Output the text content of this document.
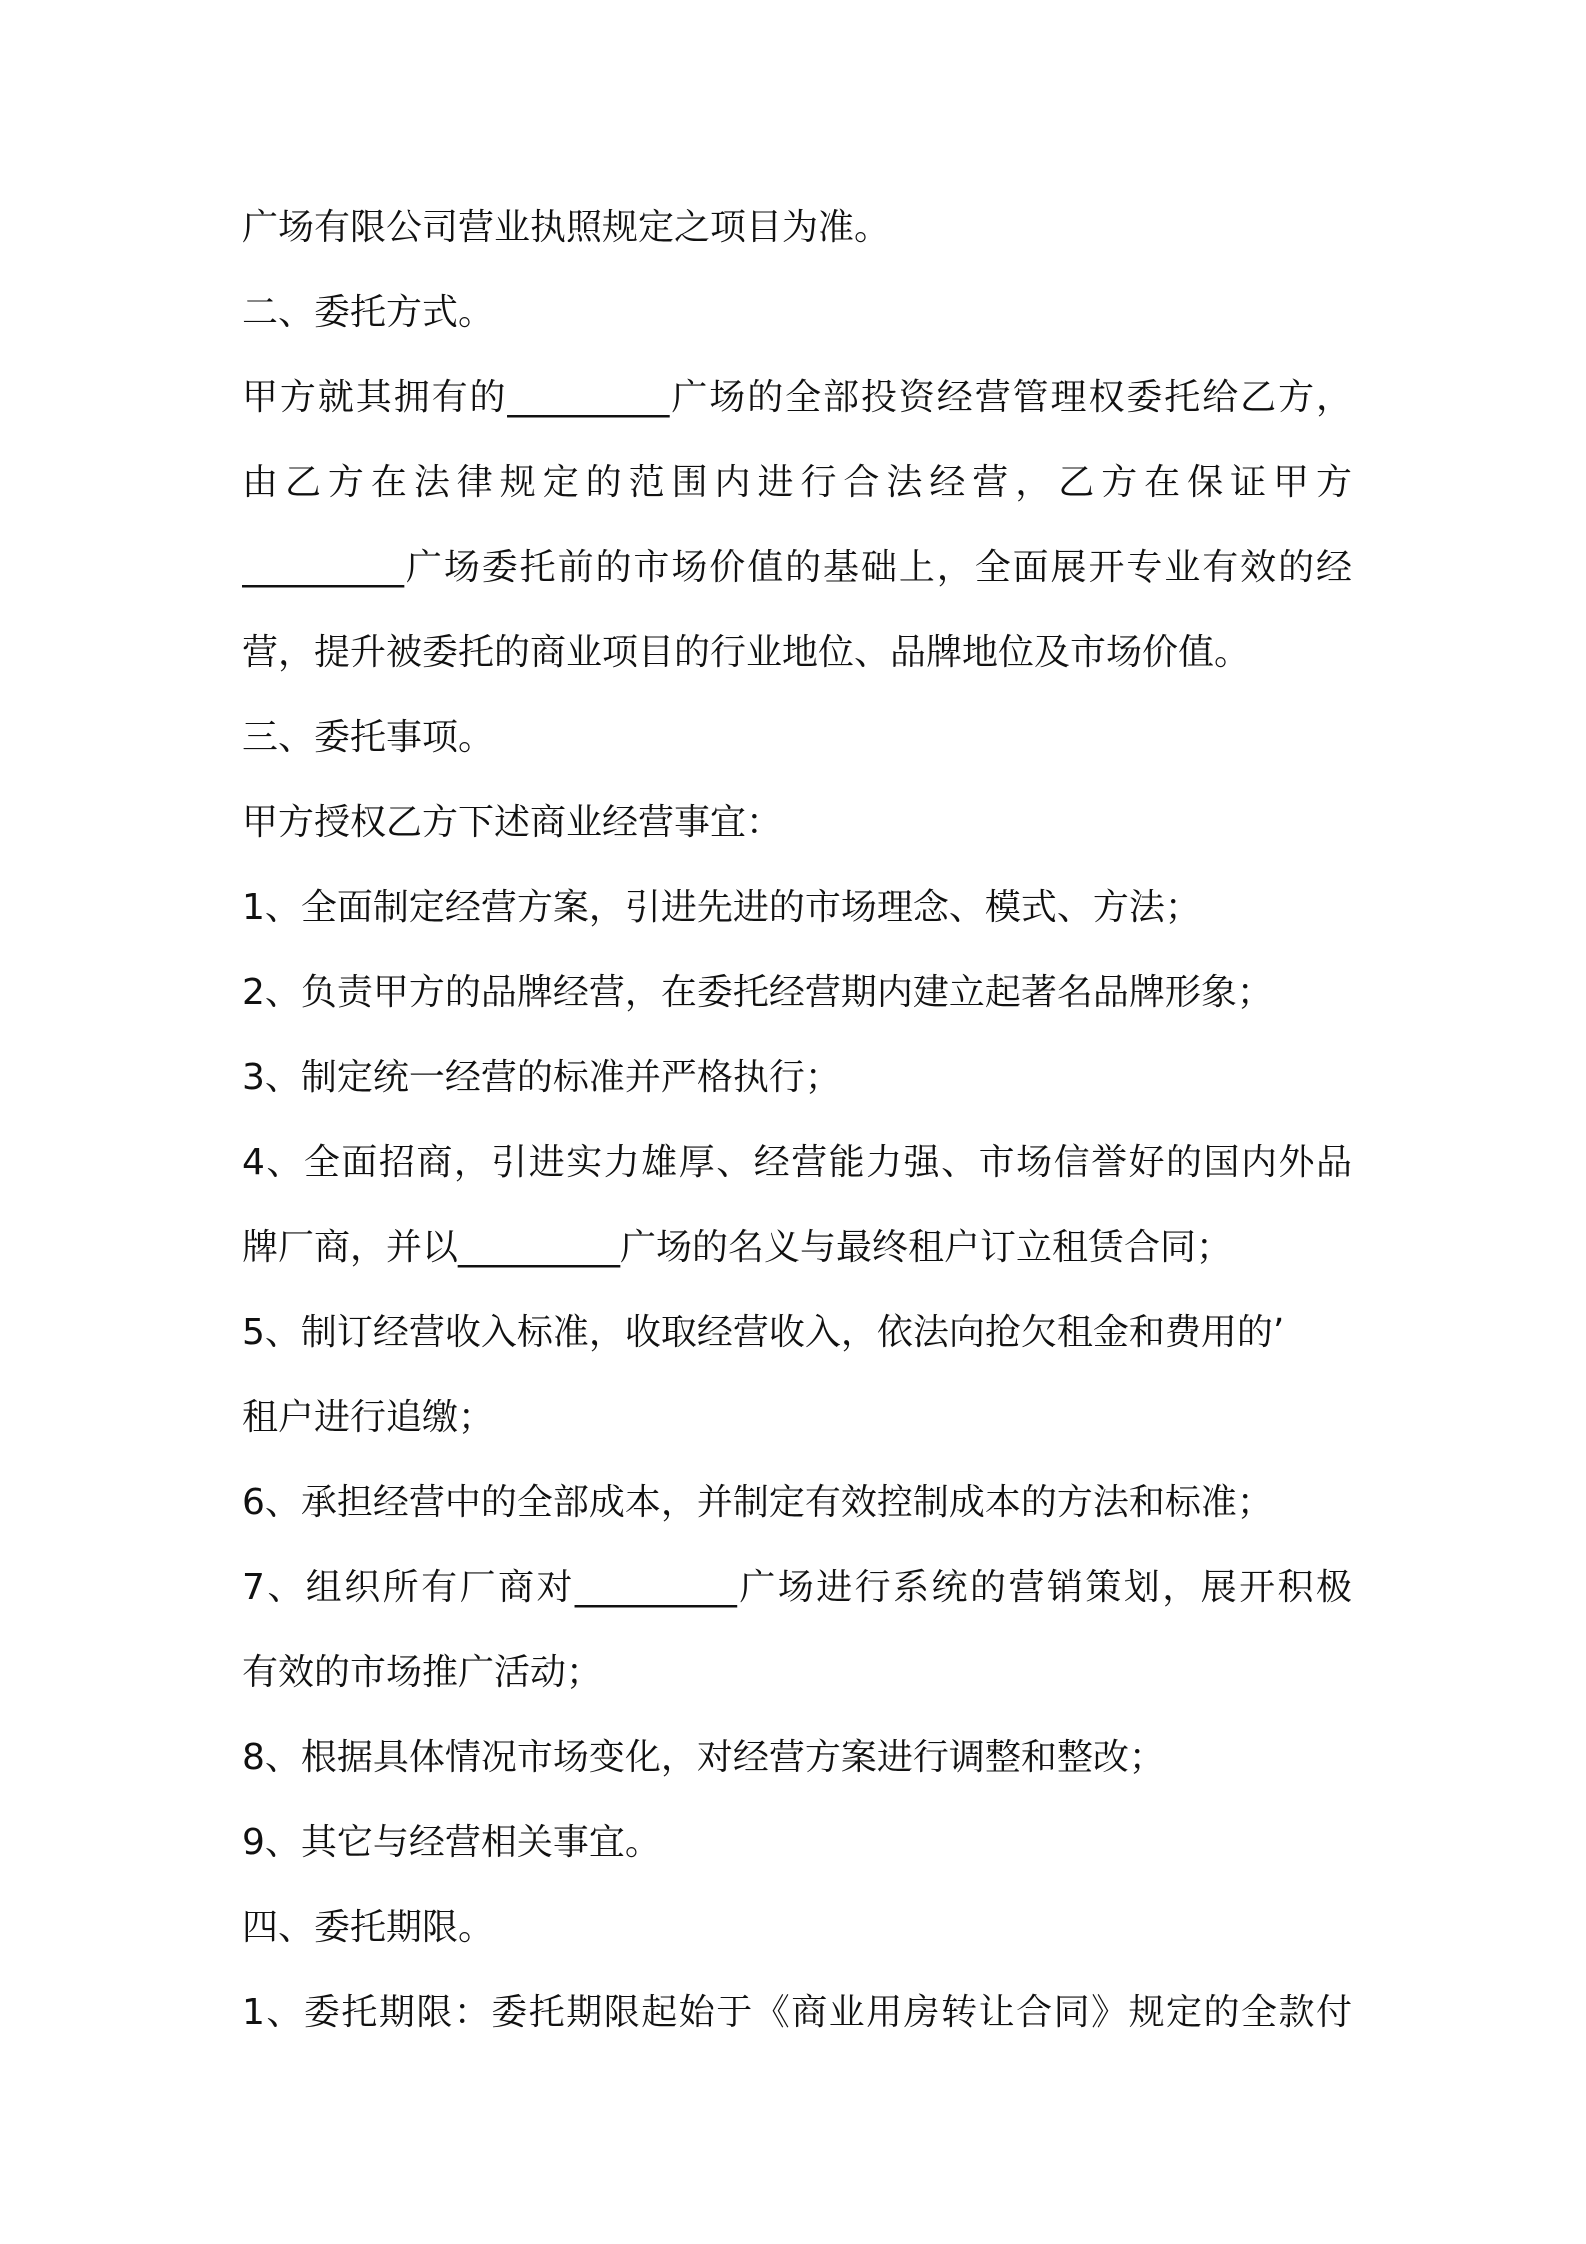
广场有限公司营业执照规定之项目为准。
二、委托方式。
甲方就其拥有的_________广场的全部投资经营管理权委托给乙方，
由乙方在法律规定的范围内进行合法经营，乙方在保证甲方
_________广场委托前的市场价值的基础上，全面展开专业有效的经
营，提升被委托的商业项目的行业地位、品牌地位及市场价值。
三、委托事项。
甲方授权乙方下述商业经营事宜：
1、全面制定经营方案，引进先进的市场理念、模式、方法；
2、负责甲方的品牌经营，在委托经营期内建立起著名品牌形象；
3、制定统一经营的标准并严格执行；
4、全面招商，引进实力雄厚、经营能力强、市场信誉好的国内外品
牌厂商，并以_________广场的名义与最终租户订立租赁合同；
5、制订经营收入标准，收取经营收入，依法向抢欠租金和费用的’
租户进行追缴；
6、承担经营中的全部成本，并制定有效控制成本的方法和标准；
7、组织所有厂商对_________广场进行系统的营销策划，展开积极
有效的市场推广活动；
8、根据具体情况市场变化，对经营方案进行调整和整改；
9、其它与经营相关事宜。
四、委托期限。
1、委托期限：委托期限起始于《商业用房转让合同》规定的全款付
